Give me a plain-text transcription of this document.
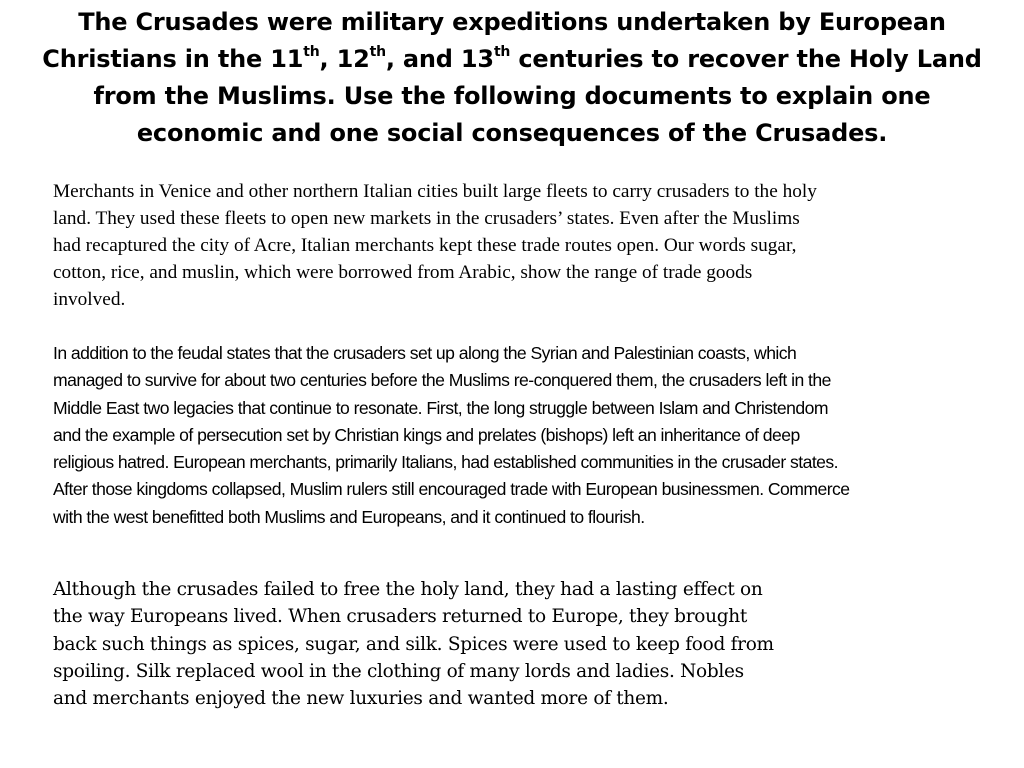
The Crusades were military expeditions undertaken by European Christians in the 11th, 12th, and 13th centuries to recover the Holy Land from the Muslims. Use the following documents to explain one economic and one social consequences of the Crusades.

Merchants in Venice and other northern Italian cities built large fleets to carry crusaders to the holy
land. They used these fleets to open new markets in the crusaders’ states. Even after the Muslims
had recaptured the city of Acre, Italian merchants kept these trade routes open. Our words sugar,
cotton, rice, and muslin, which were borrowed from Arabic, show the range of trade goods
involved.

In addition to the feudal states that the crusaders set up along the Syrian and Palestinian coasts, which
managed to survive for about two centuries before the Muslims re-conquered them, the crusaders left in the
Middle East two legacies that continue to resonate. First, the long struggle between Islam and Christendom
and the example of persecution set by Christian kings and prelates (bishops) left an inheritance of deep
religious hatred. European merchants, primarily Italians, had established communities in the crusader states.
After those kingdoms collapsed, Muslim rulers still encouraged trade with European businessmen. Commerce
with the west benefitted both Muslims and Europeans, and it continued to flourish.

Although the crusades failed to free the holy land, they had a lasting effect on
the way Europeans lived. When crusaders returned to Europe, they brought
back such things as spices, sugar, and silk. Spices were used to keep food from
spoiling. Silk replaced wool in the clothing of many lords and ladies. Nobles
and merchants enjoyed the new luxuries and wanted more of them.
